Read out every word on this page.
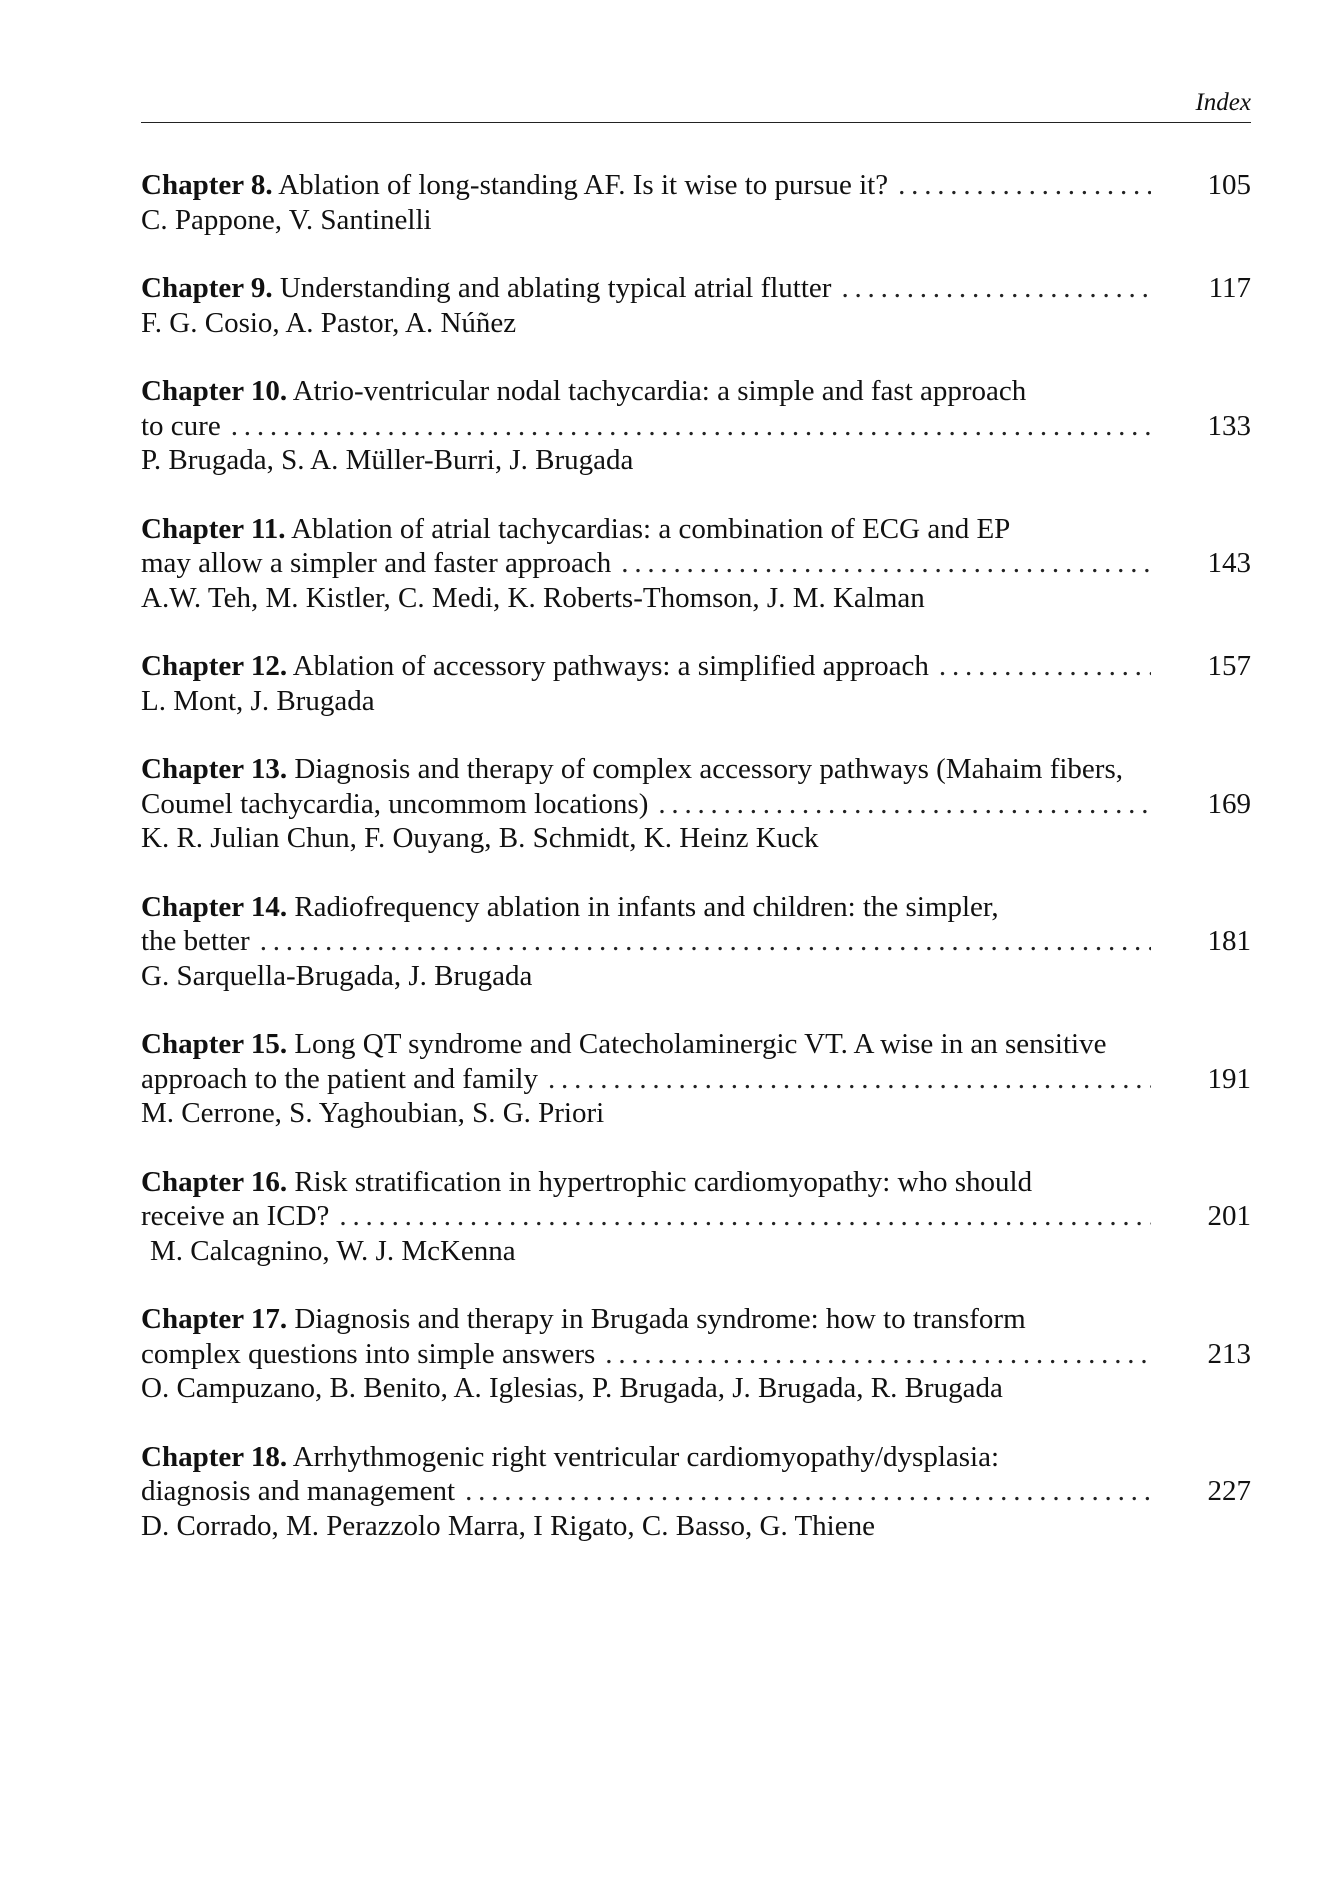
Index
Chapter 8. Ablation of long-standing AF. Is it wise to pursue it? .....	105
C. Pappone, V. Santinelli
Chapter 9. Understanding and ablating typical atrial flutter .....	117
F. G. Cosio, A. Pastor, A. Núñez
Chapter 10. Atrio-ventricular nodal tachycardia: a simple and fast approach
to cure .....	133
P. Brugada, S. A. Müller-Burri, J. Brugada
Chapter 11. Ablation of atrial tachycardias: a combination of ECG and EP
may allow a simpler and faster approach .....	143
A.W. Teh, M. Kistler, C. Medi, K. Roberts-Thomson, J. M. Kalman
Chapter 12. Ablation of accessory pathways: a simplified approach .....	157
L. Mont, J. Brugada
Chapter 13. Diagnosis and therapy of complex accessory pathways (Mahaim fibers,
Coumel tachycardia, uncommom locations) .....	169
K. R. Julian Chun, F. Ouyang, B. Schmidt, K. Heinz Kuck
Chapter 14. Radiofrequency ablation in infants and children: the simpler,
the better .....	181
G. Sarquella-Brugada, J. Brugada
Chapter 15. Long QT syndrome and Catecholaminergic VT. A wise in an sensitive
approach to the patient and family .....	191
M. Cerrone, S. Yaghoubian, S. G. Priori
Chapter 16. Risk stratification in hypertrophic cardiomyopathy: who should
receive an ICD? .....	201
M. Calcagnino, W. J. McKenna
Chapter 17. Diagnosis and therapy in Brugada syndrome: how to transform
complex questions into simple answers .....	213
O. Campuzano, B. Benito, A. Iglesias, P. Brugada, J. Brugada, R. Brugada
Chapter 18. Arrhythmogenic right ventricular cardiomyopathy/dysplasia:
diagnosis and management .....	227
D. Corrado, M. Perazzolo Marra, I Rigato, C. Basso, G. Thiene
